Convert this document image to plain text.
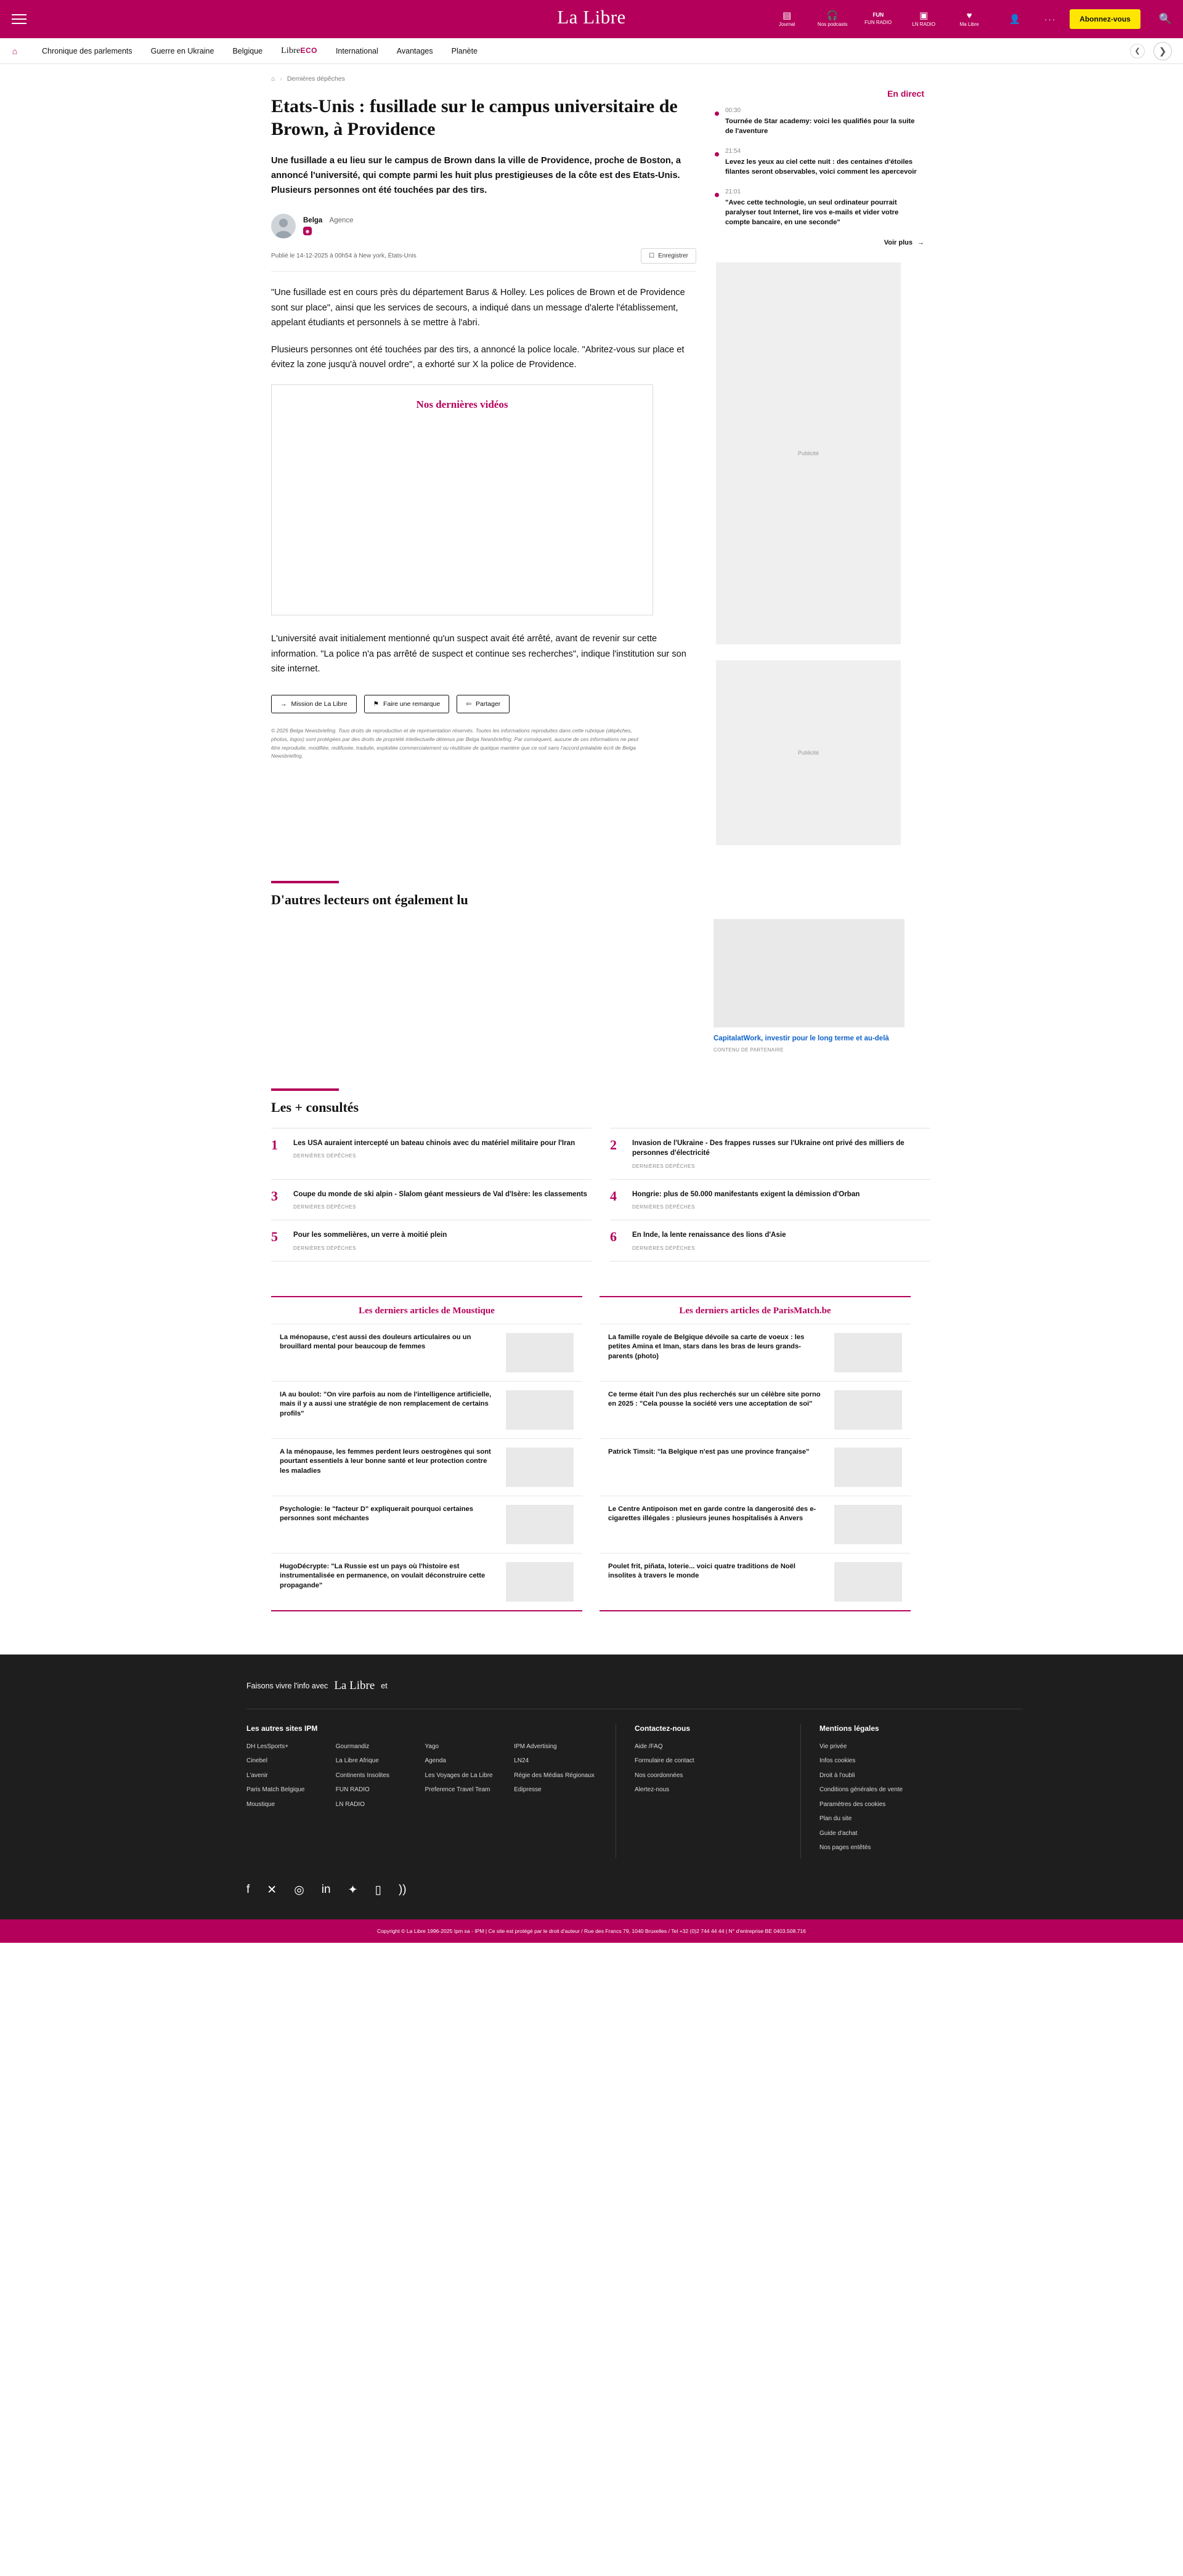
La Libre	▤
Journal
🎧
Nos podcasts
FUN
FUN RADIO
▣
LN RADIO
♥
Ma Libre	👤	···	Abonnez-vous	🔍
⌂	Chronique des parlements Guerre en Ukraine Belgique LibreECO International Avantages Planète	❮	❯
⌂ › Dernières dépêches
Etats-Unis : fusillade sur le campus universitaire de Brown, à Providence

Une fusillade a eu lieu sur le campus de Brown dans la ville de Providence, proche de Boston, a annoncé l'université, qui compte parmi les huit plus prestigieuses de la côte est des Etats-Unis. Plusieurs personnes ont été touchées par des tirs.

Belga Agence
◉
Publié le 14-12-2025 à 00h54 à New york, États-Unis	☐ Enregistrer

"Une fusillade est en cours près du département Barus & Holley. Les polices de Brown et de Providence sont sur place", ainsi que les services de secours, a indiqué dans un message d'alerte l'établissement, appelant étudiants et personnels à se mettre à l'abri.

Plusieurs personnes ont été touchées par des tirs, a annoncé la police locale. "Abritez-vous sur place et évitez la zone jusqu'à nouvel ordre", a exhorté sur X la police de Providence.

Nos dernières vidéos

L'université avait initialement mentionné qu'un suspect avait été arrêté, avant de revenir sur cette information. "La police n'a pas arrêté de suspect et continue ses recherches", indique l'institution sur son site internet.

→ Mission de La Libre	⚑ Faire une remarque	⇦ Partager
© 2025 Belga Newsbriefing. Tous droits de reproduction et de représentation réservés. Toutes les informations reproduites dans cette rubrique (dépêches, photos, logos) sont protégées par des droits de propriété intellectuelle détenus par Belga Newsbriefing. Par conséquent, aucune de ces informations ne peut être reproduite, modifiée, redifusée, traduite, exploitée commercialement ou réutilisée de quelque manière que ce soit sans l'accord préalable écrit de Belga Newsbriefing.
En direct
00:30
Tournée de Star academy: voici les qualifiés pour la suite de l'aventure
21:54
Levez les yeux au ciel cette nuit : des centaines d'étoiles filantes seront observables, voici comment les apercevoir
21:01
"Avec cette technologie, un seul ordinateur pourrait paralyser tout Internet, lire vos e-mails et vider votre compte bancaire, en une seconde"
Voir plus →
Publicité
Publicité
D'autres lecteurs ont également lu
CapitalatWork, investir pour le long terme et au-delà
CONTENU DE PARTENAIRE
Les + consultés
1	Les USA auraient intercepté un bateau chinois avec du matériel militaire pour l'Iran
DERNIÈRES DÉPÊCHES
2	Invasion de l'Ukraine - Des frappes russes sur l'Ukraine ont privé des milliers de personnes d'électricité
DERNIÈRES DÉPÊCHES
3	Coupe du monde de ski alpin - Slalom géant messieurs de Val d'Isère: les classements
DERNIÈRES DÉPÊCHES
4	Hongrie: plus de 50.000 manifestants exigent la démission d'Orban
DERNIÈRES DÉPÊCHES
5	Pour les sommelières, un verre à moitié plein
DERNIÈRES DÉPÊCHES
6	En Inde, la lente renaissance des lions d'Asie
DERNIÈRES DÉPÊCHES
Les derniers articles de Moustique
La ménopause, c'est aussi des douleurs articulaires ou un brouillard mental pour beaucoup de femmes
IA au boulot: "On vire parfois au nom de l'intelligence artificielle, mais il y a aussi une stratégie de non remplacement de certains profils"
A la ménopause, les femmes perdent leurs oestrogènes qui sont pourtant essentiels à leur bonne santé et leur protection contre les maladies
Psychologie: le "facteur D" expliquerait pourquoi certaines personnes sont méchantes
HugoDécrypte: "La Russie est un pays où l'histoire est instrumentalisée en permanence, on voulait déconstruire cette propagande"
Les derniers articles de ParisMatch.be
La famille royale de Belgique dévoile sa carte de voeux : les petites Amina et Iman, stars dans les bras de leurs grands-parents (photo)
Ce terme était l'un des plus recherchés sur un célèbre site porno en 2025 : "Cela pousse la société vers une acceptation de soi"
Patrick Timsit: "la Belgique n'est pas une province française"
Le Centre Antipoison met en garde contre la dangerosité des e-cigarettes illégales : plusieurs jeunes hospitalisés à Anvers
Poulet frit, piñata, loterie... voici quatre traditions de Noël insolites à travers le monde
Faisons vivre l'info avec La Libre et
Les autres sites IPM
DH LesSports+
Cinebel
L'avenir
Paris Match Belgique
Moustique
Gourmandiz
La Libre Afrique
Continents Insolites
FUN RADIO
LN RADIO
Yago
Agenda
Les Voyages de La Libre
Preference Travel Team
IPM Advertising
LN24
Régie des Médias Régionaux
Edipresse
Contactez-nous
Aide /FAQ
Formulaire de contact
Nos coordonnées
Alertez-nous
Mentions légales
Vie privée
Infos cookies
Droit à l'oubli
Conditions générales de vente
Paramètres des cookies
Plan du site
Guide d'achat
Nos pages entêtés
f ✕ ◎ in ✦ ▯ ))
Copyright © La Libre 1996-2025 Ipm sa - IPM | Ce site est protégé par le droit d'auteur / Rue des Francs 79, 1040 Bruxelles / Tel +32 (0)2 744 44 44 | N° d'entreprise BE 0403.508.716
